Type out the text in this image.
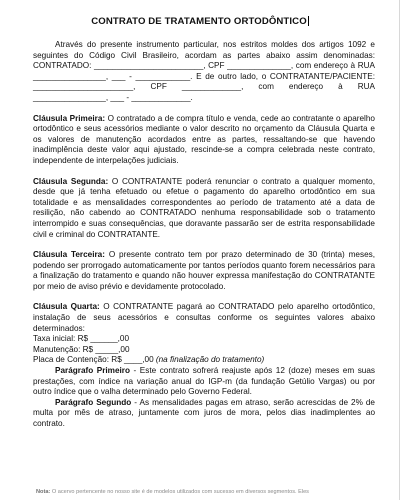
CONTRATO DE TRATAMENTO ORTODÔNTICO

Através do presente instrumento particular, nos estritos moldes dos artigos 1092 e seguintes do Código Civil Brasileiro, acordam as partes abaixo assim denominadas: CONTRATADO: ________________________, CPF ______________, com endereço à RUA ________________, ___ - ____________. E de outro lado, o CONTRATANTE/PACIENTE: ______________________, CPF _____________, com endereço à RUA ________________, ___ - _____________.

Cláusula Primeira: O contratado a de compra título e venda, cede ao contratante o aparelho ortodôntico e seus acessórios mediante o valor descrito no orçamento da Cláusula Quarta e os valores de manutenção acordados entre as partes, ressaltando-se que havendo inadimplência deste valor aqui ajustado, rescinde-se a compra celebrada neste contrato, independente de interpelações judiciais.

Cláusula Segunda: O CONTRATANTE poderá renunciar o contrato a qualquer momento, desde que já tenha efetuado ou efetue o pagamento do aparelho ortodôntico em sua totalidade e as mensalidades correspondentes ao período de tratamento até a data de resilição, não cabendo ao CONTRATADO nenhuma responsabilidade sob o tratamento interrompido e suas consequências, que doravante passarão ser de estrita responsabilidade civil e criminal do CONTRATANTE.

Cláusula Terceira: O presente contrato tem por prazo determinado de 30 (trinta) meses, podendo ser prorrogado automaticamente por tantos períodos quanto forem necessários para a finalização do tratamento e quando não houver expressa manifestação do CONTRATANTE por meio de aviso prévio e devidamente protocolado.

Cláusula Quarta: O CONTRATANTE pagará ao CONTRATADO pelo aparelho ortodôntico, instalação de seus acessórios e consultas conforme os seguintes valores abaixo determinados:

Taxa inicial: R$ ______,00

Manutenção: R$ _____,00

Placa de Contenção: R$ ____,00 (na finalização do tratamento)

Parágrafo Primeiro - Este contrato sofrerá reajuste após 12 (doze) meses em suas prestações, com índice na variação anual do IGP-m (da fundação Getúlio Vargas) ou por outro índice que o valha determinado pelo Governo Federal.

Parágrafo Segundo - As mensalidades pagas em atraso, serão acrescidas de 2% de multa por mês de atraso, juntamente com juros de mora, pelos dias inadimplentes ao contrato.

Nota: O acervo pertencente no nosso site é de modelos utilizados com sucesso em diversos segmentos. Eles
